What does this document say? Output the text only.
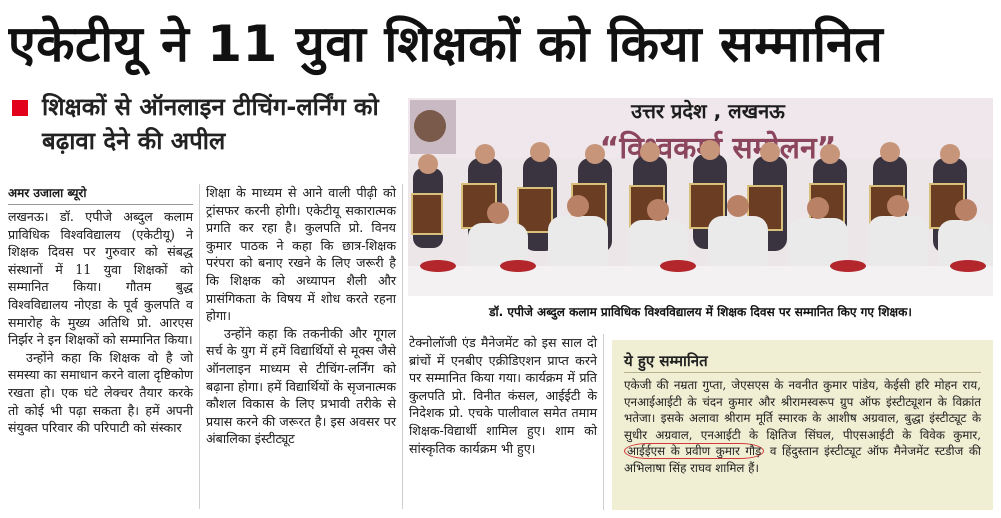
एकेटीयू ने 11 युवा शिक्षकों को किया सम्मानित
शिक्षकों से ऑनलाइन टीचिंग-लर्निंग को बढ़ावा देने की अपील
अमर उजाला ब्यूरो

लखनऊ। डॉ. एपीजे अब्दुल कलाम प्राविधिक विश्वविद्यालय (एकेटीयू) ने शिक्षक दिवस पर गुरुवार को संबद्ध संस्थानों में 11 युवा शिक्षकों को सम्मानित किया। गौतम बुद्ध विश्वविद्यालय नोएडा के पूर्व कुलपति व समारोह के मुख्य अतिथि प्रो. आरएस निर्झर ने इन शिक्षकों को सम्मानित किया।

उन्होंने कहा कि शिक्षक वो है जो समस्या का समाधान करने वाला दृष्टिकोण रखता हो। एक घंटे लेक्चर तैयार करके तो कोई भी पढ़ा सकता है। हमें अपनी संयुक्त परिवार की परिपाटी को संस्कार

शिक्षा के माध्यम से आने वाली पीढ़ी को ट्रांसफर करनी होगी। एकेटीयू सकारात्मक प्रगति कर रहा है। कुलपति प्रो. विनय कुमार पाठक ने कहा कि छात्र-शिक्षक परंपरा को बनाए रखने के लिए जरूरी है कि शिक्षक को अध्यापन शैली और प्रासंगिकता के विषय में शोध करते रहना होगा।

उन्होंने कहा कि तकनीकी और गूगल सर्च के युग में हमें विद्यार्थियों से मूक्स जैसे ऑनलाइन माध्यम से टीचिंग-लर्निंग को बढ़ाना होगा। हमें विद्यार्थियों के सृजनात्मक कौशल विकास के लिए प्रभावी तरीके से प्रयास करने की जरूरत है। इस अवसर पर अंबालिका इंस्टीट्यूट

टेक्नोलॉजी एंड मैनेजमेंट को इस साल दो ब्रांचों में एनबीए एक्रीडिएशन प्राप्त करने पर सम्मानित किया गया। कार्यक्रम में प्रति कुलपति प्रो. विनीत कंसल, आईईटी के निदेशक प्रो. एचके पालीवाल समेत तमाम शिक्षक-विद्यार्थी शामिल हुए। शाम को सांस्कृतिक कार्यक्रम भी हुए।

उत्तर प्रदेश , लखनऊ
“विश्वकर्मा सम्मेलन”
डॉ. एपीजे अब्दुल कलाम प्राविधिक विश्वविद्यालय में शिक्षक दिवस पर सम्मानित किए गए शिक्षक।
ये हुए सम्मानित
एकेजी की नम्रता गुप्ता, जेएसएस के नवनीत कुमार पांडेय, केईसी हरि मोहन राय, एनआईआईटी के चंदन कुमार और श्रीरामस्वरूप ग्रुप ऑफ इंस्टीट्यूशन के विक्रांत भतेजा। इसके अलावा श्रीराम मूर्ति स्मारक के आशीष अग्रवाल, बुद्धा इंस्टीट्यूट के सुधीर अग्रवाल, एनआईटी के क्षितिज सिंघल, पीएसआईटी के विवेक कुमार, आईईएस के प्रवीण कुमार गौड़ व हिंदुस्तान इंस्टीट्यूट ऑफ मैनेजमेंट स्टडीज की अभिलाषा सिंह राघव शामिल हैं।
